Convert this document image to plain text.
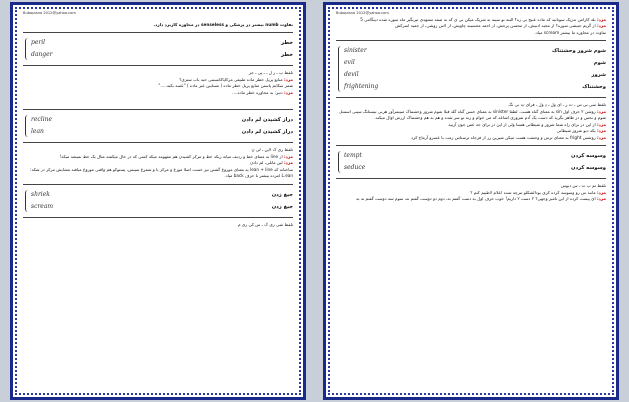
Bubopiano 2012@yahoo.com
تفاوت numb بیشتر در پزشکی و senseless در محاوره کاربرد دارد.
peril	خطر
danger	خطر
تلفظ پ ـ ر ل ـ ـ پی ـ جر
مرد: منابع پریل خطر ماده طبیعی مرکاپاکانستنی حبه باب ستری؟
شمر سکایم پاستن منابع پریل خطر ماده ( مسابین عبر ماده ) "عسه بکیه....."
مرد: دنیر: به محاوره خطر ماده....
recline	دراز کشیدن لم دادن
lean	دراز کشیدن لم دادن
تلفظ ری ک لاین ـ لی ن
مرد: از line به معنای خط و ردیف میانه ریکد خط و مرکز کشیدن هم مفهومه میکه کسی که در حال میکشه مثال یک خط نمیشه مبکه!
مرد: لین مانلی، لم دادن
ساختانه که lean + line یه معنای موروع گشتن تیر خست اصلا موزع و مرکز با و شمرع سینس، پستوکو هم واقتی موروع میافتد مشابش مرکز در شکه: L.ean امرده بیشتر با حرف back میاد.
shriek	جیغ زدن
scream	جیغ زدن
تلفظ شی ری ک ـ س کی ری م
Bubopiano 2012@yahoo.com
مرد: بله کارامن تدریک سوتانید که ماده عنیح بی ره؟ البته تو سینه به شریک میکن نی ی که به صفه مشهدی تیرنگیر ماه سوره شده دیبگامی 5
مرد: از گزیم جیبشی سوره؟ از مجید ادبیش، از محسن پرجش، از احمد محسینه چاویش، از لاس روشی، از جمید اسرکش
تفاوت در محاوره ما بیشتر scream میاد.
sinister	شوم شرور وحشتناک
evil	شوم
devil	شرور
frightening	وحشتناک
تلفظ سی نی س ـ ت ر ـ ای ول ـ دِ ول ـ فرای تِ نی نگ
مرد: روشن ۲ حرف اول sin به معنای گناه هست. لطفا sinister به معنای حسن گناه گلد قبلا شوم شرور وحشتناک مبینمرآور هرنی نیستانگ سینی استنتل شوم و نحس و در ظاهر بگرید که دست یک آدم شروری اشاعه که می خوام و رنه تو سر شده و هم به هم وحشتناک ارزش اوال میکند.
مرد: از اپن در برای راه شما شرور و شیطانی هستا ولی از اپن در برای جه عس جون آرییه
مرد: یکه دیو شرور شیطانی
مرد: روشس fright به معنای ترس و وحشت هست میکن شیرین رز از فرجاه ترسناس رمت با عسرو آرماج کرد
tempt	وسوسه کردن
seduce	وسوسه کردن
تلفظ تم پ ت ـ س دیوس
مرد: مانند س رو وسوسه کرده کری بودالشکلو تنرچه شده اعلام لاطبیم کنم ؟
مرد: ای پیست کرده از این نامبر وجهی؟ ۲ دست ۲ داریم! خوب حرف اول به دست گفتم نه، دوم دو دوست گفتم نه، سوم سه دوست گفتم نه به
